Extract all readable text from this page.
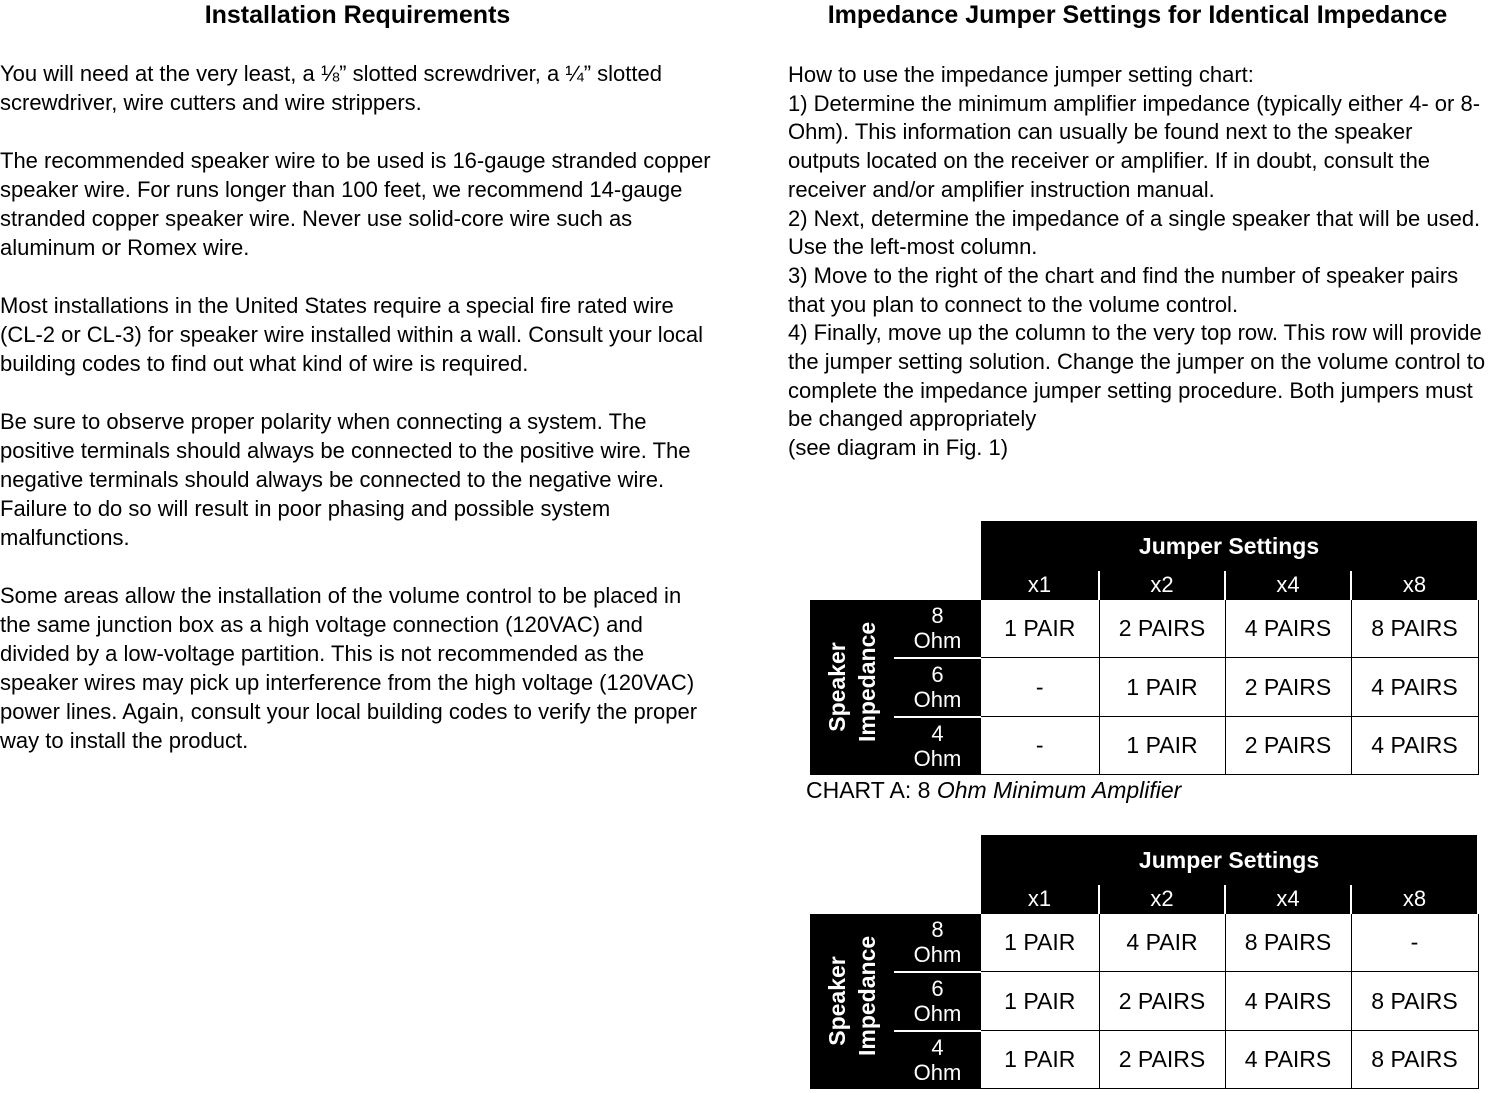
Installation Requirements

You will need at the very least, a ⅛” slotted screwdriver, a ¼” slotted screwdriver, wire cutters and wire strippers.

The recommended speaker wire to be used is 16-gauge stranded copper speaker wire. For runs longer than 100 feet, we recommend 14-gauge stranded copper speaker wire. Never use solid-core wire such as aluminum or Romex wire.

Most installations in the United States require a special fire rated wire (CL-2 or CL-3) for speaker wire installed within a wall. Consult your local building codes to find out what kind of wire is required.

Be sure to observe proper polarity when connecting a system. The positive terminals should always be connected to the positive wire. The negative terminals should always be connected to the negative wire. Failure to do so will result in poor phasing and possible system malfunctions.

Some areas allow the installation of the volume control to be placed in the same junction box as a high voltage connection (120VAC) and divided by a low-voltage partition. This is not recommended as the speaker wires may pick up interference from the high voltage (120VAC) power lines. Again, consult your local building codes to verify the proper way to install the product.

Impedance Jumper Settings for Identical Impedance
How to use the impedance jumper setting chart:
1) Determine the minimum amplifier impedance (typically either 4- or 8-Ohm). This information can usually be found next to the speaker outputs located on the receiver or amplifier. If in doubt, consult the receiver and/or amplifier instruction manual.
2) Next, determine the impedance of a single speaker that will be used. Use the left-most column.
3) Move to the right of the chart and find the number of speaker pairs that you plan to connect to the volume control.
4) Finally, move up the column to the very top row. This row will provide the jumper setting solution. Change the jumper on the volume control to complete the impedance jumper setting procedure. Both jumpers must be changed appropriately
(see diagram in Fig. 1)
		Jumper Settings			
		x1	x2	x4	x8

Speaker Impedance	8
Ohm	1 PAIR	2 PAIRS	4 PAIRS	8 PAIRS
	6
Ohm	-	1 PAIR	2 PAIRS	4 PAIRS
	4
Ohm	-	1 PAIR	2 PAIRS	4 PAIRS
CHART A: 8 Ohm Minimum Amplifier
		Jumper Settings			
		x1	x2	x4	x8

Speaker Impedance	8
Ohm	1 PAIR	4 PAIR	8 PAIRS	-
	6
Ohm	1 PAIR	2 PAIRS	4 PAIRS	8 PAIRS
	4
Ohm	1 PAIR	2 PAIRS	4 PAIRS	8 PAIRS
